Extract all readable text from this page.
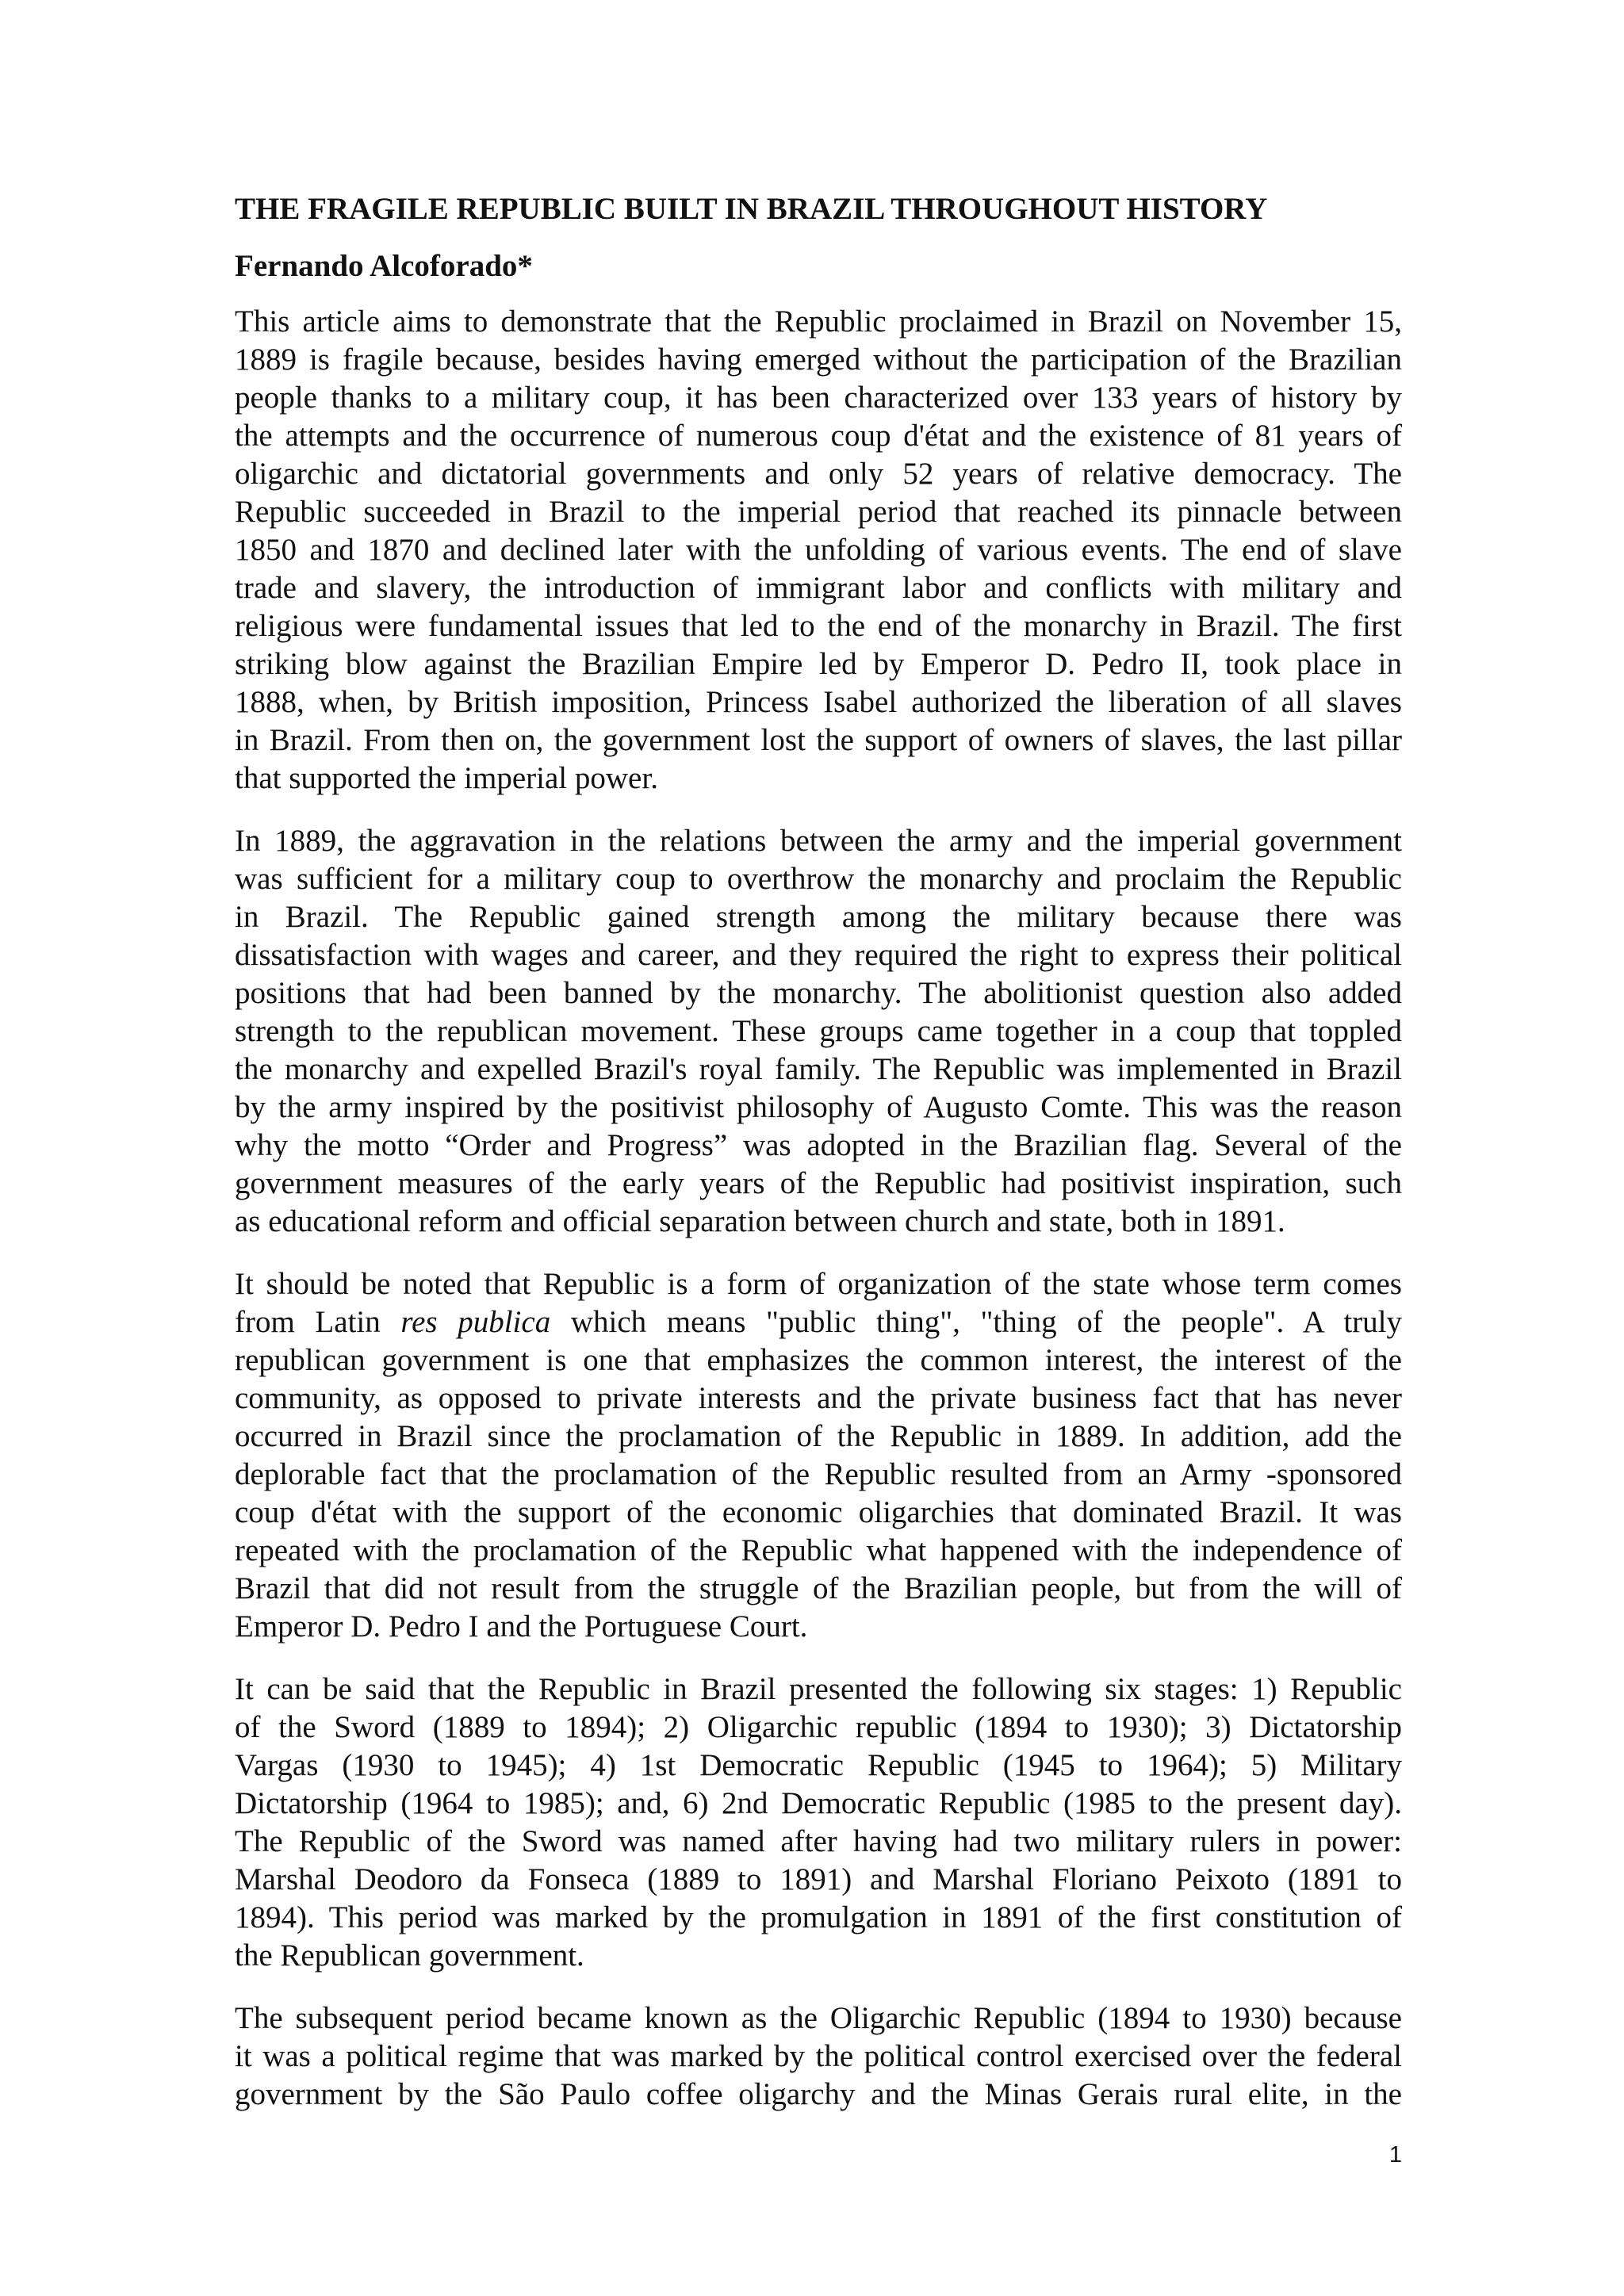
THE FRAGILE REPUBLIC BUILT IN BRAZIL THROUGHOUT HISTORY
Fernando Alcoforado*
This article aims to demonstrate that the Republic proclaimed in Brazil on November 15,
1889 is fragile because, besides having emerged without the participation of the Brazilian
people thanks to a military coup, it has been characterized over 133 years of history by
the attempts and the occurrence of numerous coup d'état and the existence of 81 years of
oligarchic and dictatorial governments and only 52 years of relative democracy. The
Republic succeeded in Brazil to the imperial period that reached its pinnacle between
1850 and 1870 and declined later with the unfolding of various events. The end of slave
trade and slavery, the introduction of immigrant labor and conflicts with military and
religious were fundamental issues that led to the end of the monarchy in Brazil. The first
striking blow against the Brazilian Empire led by Emperor D. Pedro II, took place in
1888, when, by British imposition, Princess Isabel authorized the liberation of all slaves
in Brazil. From then on, the government lost the support of owners of slaves, the last pillar
that supported the imperial power.
In 1889, the aggravation in the relations between the army and the imperial government
was sufficient for a military coup to overthrow the monarchy and proclaim the Republic
in Brazil. The Republic gained strength among the military because there was
dissatisfaction with wages and career, and they required the right to express their political
positions that had been banned by the monarchy. The abolitionist question also added
strength to the republican movement. These groups came together in a coup that toppled
the monarchy and expelled Brazil's royal family. The Republic was implemented in Brazil
by the army inspired by the positivist philosophy of Augusto Comte. This was the reason
why the motto “Order and Progress” was adopted in the Brazilian flag. Several of the
government measures of the early years of the Republic had positivist inspiration, such
as educational reform and official separation between church and state, both in 1891.
It should be noted that Republic is a form of organization of the state whose term comes
from Latin res publica which means "public thing", "thing of the people". A truly
republican government is one that emphasizes the common interest, the interest of the
community, as opposed to private interests and the private business fact that has never
occurred in Brazil since the proclamation of the Republic in 1889. In addition, add the
deplorable fact that the proclamation of the Republic resulted from an Army -sponsored
coup d'état with the support of the economic oligarchies that dominated Brazil. It was
repeated with the proclamation of the Republic what happened with the independence of
Brazil that did not result from the struggle of the Brazilian people, but from the will of
Emperor D. Pedro I and the Portuguese Court.
It can be said that the Republic in Brazil presented the following six stages: 1) Republic
of the Sword (1889 to 1894); 2) Oligarchic republic (1894 to 1930); 3) Dictatorship
Vargas (1930 to 1945); 4) 1st Democratic Republic (1945 to 1964); 5) Military
Dictatorship (1964 to 1985); and, 6) 2nd Democratic Republic (1985 to the present day).
The Republic of the Sword was named after having had two military rulers in power:
Marshal Deodoro da Fonseca (1889 to 1891) and Marshal Floriano Peixoto (1891 to
1894). This period was marked by the promulgation in 1891 of the first constitution of
the Republican government.
The subsequent period became known as the Oligarchic Republic (1894 to 1930) because
it was a political regime that was marked by the political control exercised over the federal
government by the São Paulo coffee oligarchy and the Minas Gerais rural elite, in the
1
